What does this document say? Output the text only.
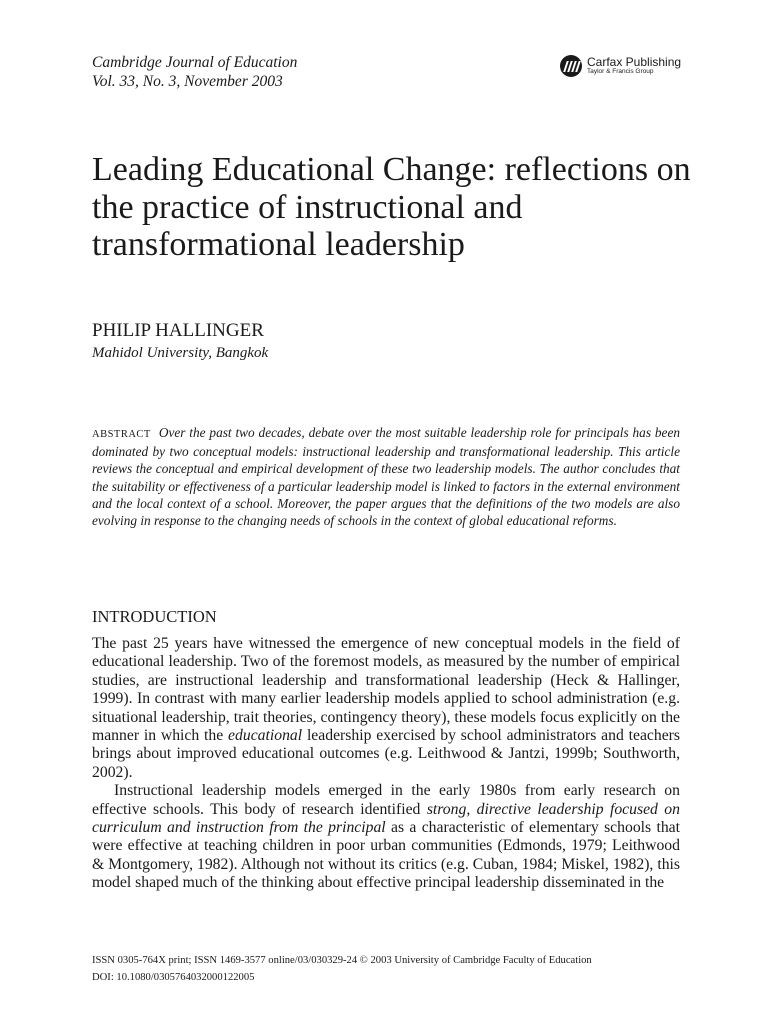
Cambridge Journal of Education
Vol. 33, No. 3, November 2003
Carfax Publishing
Taylor & Francis Group
Leading Educational Change: reflections on the practice of instructional and transformational leadership
PHILIP HALLINGER
Mahidol University, Bangkok

ABSTRACT Over the past two decades, debate over the most suitable leadership role for principals has been dominated by two conceptual models: instructional leadership and transformational leadership. This article reviews the conceptual and empirical development of these two leadership models. The author concludes that the suitability or effectiveness of a particular leadership model is linked to factors in the external environment and the local context of a school. Moreover, the paper argues that the definitions of the two models are also evolving in response to the changing needs of schools in the context of global educational reforms.

INTRODUCTION

The past 25 years have witnessed the emergence of new conceptual models in the field of educational leadership. Two of the foremost models, as measured by the number of empirical studies, are instructional leadership and transformational leadership (Heck & Hallinger, 1999). In contrast with many earlier leadership models applied to school administration (e.g. situational leadership, trait theories, contingency theory), these models focus explicitly on the manner in which the educational leadership exercised by school administrators and teachers brings about improved educational outcomes (e.g. Leithwood & Jantzi, 1999b; Southworth, 2002).

Instructional leadership models emerged in the early 1980s from early research on effective schools. This body of research identified strong, directive leadership focused on curriculum and instruction from the principal as a characteristic of elementary schools that were effective at teaching children in poor urban communities (Edmonds, 1979; Leithwood & Montgomery, 1982). Although not without its critics (e.g. Cuban, 1984; Miskel, 1982), this model shaped much of the thinking about effective principal leadership disseminated in the

ISSN 0305-764X print; ISSN 1469-3577 online/03/030329-24 © 2003 University of Cambridge Faculty of Education
DOI: 10.1080/0305764032000122005
